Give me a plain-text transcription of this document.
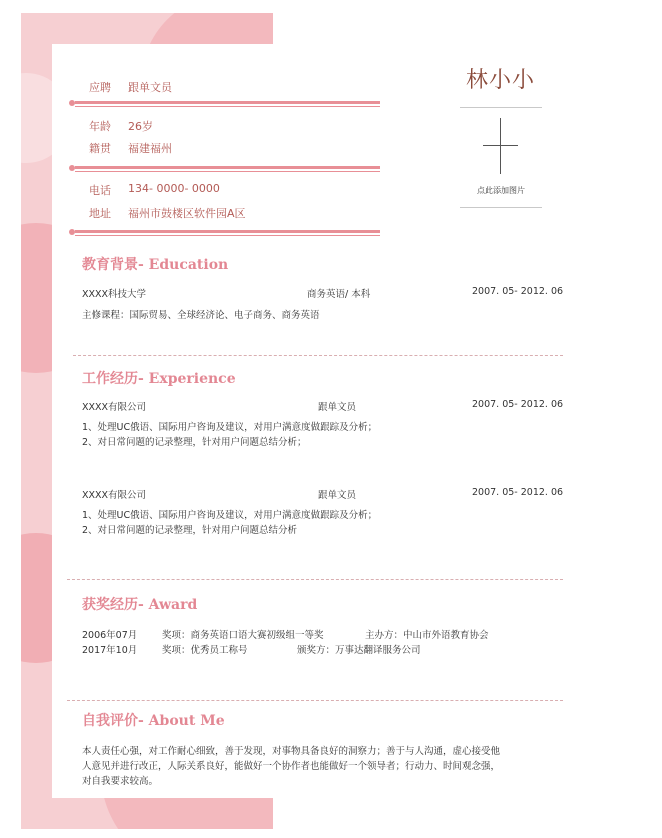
应聘 跟单文员
年龄 26岁
籍贯 福建福州
电话 134- 0000- 0000
地址 福州市鼓楼区软件园A区
林小小
点此添加图片
教育背景- Education
XXXX科技大学	商务英语/ 本科	2007. 05- 2012. 06
主修课程：国际贸易、全球经济论、电子商务、商务英语
工作经历- Experience
XXXX有限公司	跟单文员	2007. 05- 2012. 06
1、处理UC俄语、国际用户咨询及建议，对用户满意度做跟踪及分析；
2、对日常问题的记录整理，针对用户问题总结分析；
XXXX有限公司	跟单文员	2007. 05- 2012. 06
1、处理UC俄语、国际用户咨询及建议，对用户满意度做跟踪及分析；
2、对日常问题的记录整理，针对用户问题总结分析
获奖经历- Award
2006年07月	奖项：商务英语口语大赛初级组一等奖	主办方：中山市外语教育协会
2017年10月	奖项：优秀员工称号	颁奖方：万事达翻译服务公司
自我评价- About Me
本人责任心强，对工作耐心细致，善于发现，对事物具备良好的洞察力；善于与人沟通，虚心接受他
人意见并进行改正，人际关系良好，能做好一个协作者也能做好一个领导者；行动力、时间观念强，
对自我要求较高。
